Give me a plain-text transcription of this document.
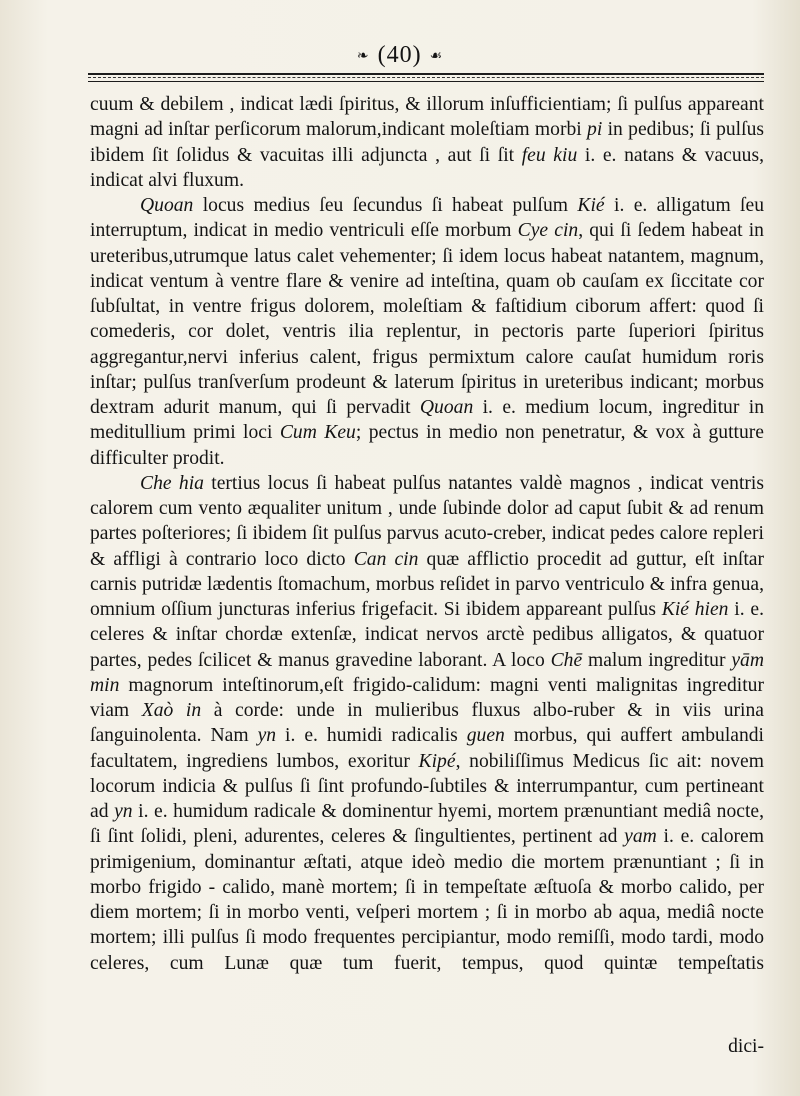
❧ (40) ☙

cuum & debilem , indicat lædi ſpiritus, & illorum inſufficientiam; ſi pulſus appareant magni ad inſtar perſicorum malorum,indicant moleſtiam morbi pi in pedibus; ſi pulſus ibidem ſit ſolidus & vacuitas illi adjuncta , aut ſi ſit feu kiu i. e. natans & vacuus, indicat alvi fluxum.

Quoan locus medius ſeu ſecundus ſi habeat pulſum Kié i. e. alligatum ſeu interruptum, indicat in medio ventriculi eſſe morbum Cye cin, qui ſi ſedem habeat in ureteribus,utrumque latus calet vehementer; ſi idem locus habeat natantem, magnum, indicat ventum à ventre flare & venire ad inteſtina, quam ob cauſam ex ſiccitate cor ſubſultat, in ventre frigus dolorem, moleſtiam & faſtidium ciborum affert: quod ſi comederis, cor dolet, ventris ilia replentur, in pectoris parte ſuperiori ſpiritus aggregantur,nervi inferius calent, frigus permixtum calore cauſat humidum roris inſtar; pulſus tranſverſum prodeunt & laterum ſpiritus in ureteribus indicant; morbus dextram adurit manum, qui ſi pervadit Quoan i. e. medium locum, ingreditur in meditullium primi loci Cum Keu; pectus in medio non penetratur, & vox à gutture difficulter prodit.

Che hia tertius locus ſi habeat pulſus natantes valdè magnos , indicat ventris calorem cum vento æqualiter unitum , unde ſubinde dolor ad caput ſubit & ad renum partes poſteriores; ſi ibidem ſit pulſus parvus acuto-creber, indicat pedes calore repleri & affligi à contrario loco dicto Can cin quæ afflictio procedit ad guttur, eſt inſtar carnis putridæ lædentis ſtomachum, morbus reſidet in parvo ventriculo & infra genua, omnium oſſium juncturas inferius frigefacit. Si ibidem appareant pulſus Kié hien i. e. celeres & inſtar chordæ extenſæ, indicat nervos arctè pedibus alligatos, & quatuor partes, pedes ſcilicet & manus gravedine laborant. A loco Chē malum ingreditur yām min magnorum inteſtinorum,eſt frigido-calidum: magni venti malignitas ingreditur viam Xaò in à corde: unde in mulieribus fluxus albo-ruber & in viis urina ſanguinolenta. Nam yn i. e. humidi radicalis guen morbus, qui auffert ambulandi facultatem, ingrediens lumbos, exoritur Kipé, nobiliſſimus Medicus ſic ait: novem locorum indicia & pulſus ſi ſint profundo-ſubtiles & interrumpantur, cum pertineant ad yn i. e. humidum radicale & dominentur hyemi, mortem prænuntiant mediâ nocte, ſi ſint ſolidi, pleni, adurentes, celeres & ſingultientes, pertinent ad yam i. e. calorem primigenium, dominantur æſtati, atque ideò medio die mortem prænuntiant ; ſi in morbo frigido - calido, manè mortem; ſi in tempeſtate æſtuoſa & morbo calido, per diem mortem; ſi in morbo venti, veſperi mortem ; ſi in morbo ab aqua, mediâ nocte mortem; illi pulſus ſi modo frequentes percipiantur, modo remiſſi, modo tardi, modo celeres, cum Lunæ quæ tum fuerit, tempus, quod quintæ tempeſtatis

dici-
